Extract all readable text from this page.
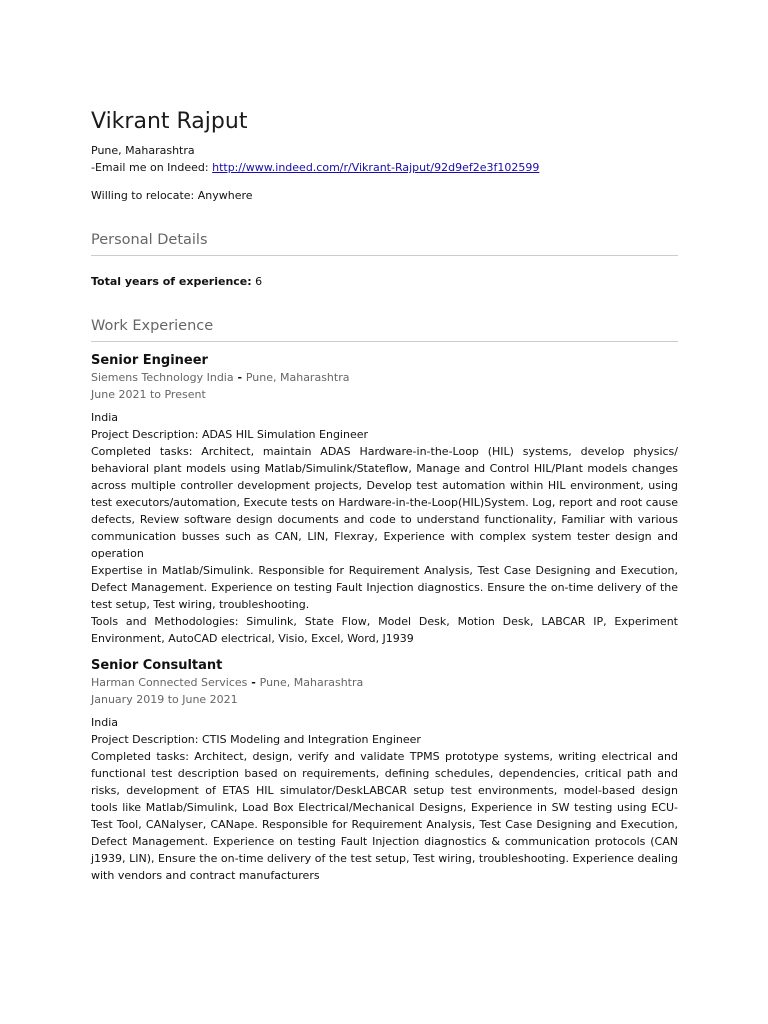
Vikrant Rajput
Pune, Maharashtra
-Email me on Indeed: http://www.indeed.com/r/Vikrant-Rajput/92d9ef2e3f102599
Willing to relocate: Anywhere
Personal Details
Total years of experience: 6
Work Experience
Senior Engineer
Siemens Technology India - Pune, Maharashtra
June 2021 to Present
India
Project Description: ADAS HIL Simulation Engineer
Completed tasks: Architect, maintain ADAS Hardware-in-the-Loop (HIL) systems, develop physics/ behavioral plant models using Matlab/Simulink/Stateflow, Manage and Control HIL/Plant models changes across multiple controller development projects, Develop test automation within HIL environment, using test executors/automation, Execute tests on Hardware-in-the-Loop(HIL)System. Log, report and root cause defects, Review software design documents and code to understand functionality, Familiar with various communication busses such as CAN, LIN, Flexray, Experience with complex system tester design and operation
Expertise in Matlab/Simulink. Responsible for Requirement Analysis, Test Case Designing and Execution, Defect Management. Experience on testing Fault Injection diagnostics. Ensure the on-time delivery of the test setup, Test wiring, troubleshooting.
Tools and Methodologies: Simulink, State Flow, Model Desk, Motion Desk, LABCAR IP, Experiment Environment, AutoCAD electrical, Visio, Excel, Word, J1939
Senior Consultant
Harman Connected Services - Pune, Maharashtra
January 2019 to June 2021
India
Project Description: CTIS Modeling and Integration Engineer
Completed tasks: Architect, design, verify and validate TPMS prototype systems, writing electrical and functional test description based on requirements, defining schedules, dependencies, critical path and risks, development of ETAS HIL simulator/DeskLABCAR setup test environments, model-based design tools like Matlab/Simulink, Load Box Electrical/Mechanical Designs, Experience in SW testing using ECU-Test Tool, CANalyser, CANape. Responsible for Requirement Analysis, Test Case Designing and Execution, Defect Management. Experience on testing Fault Injection diagnostics & communication protocols (CAN j1939, LIN), Ensure the on-time delivery of the test setup, Test wiring, troubleshooting. Experience dealing with vendors and contract manufacturers
